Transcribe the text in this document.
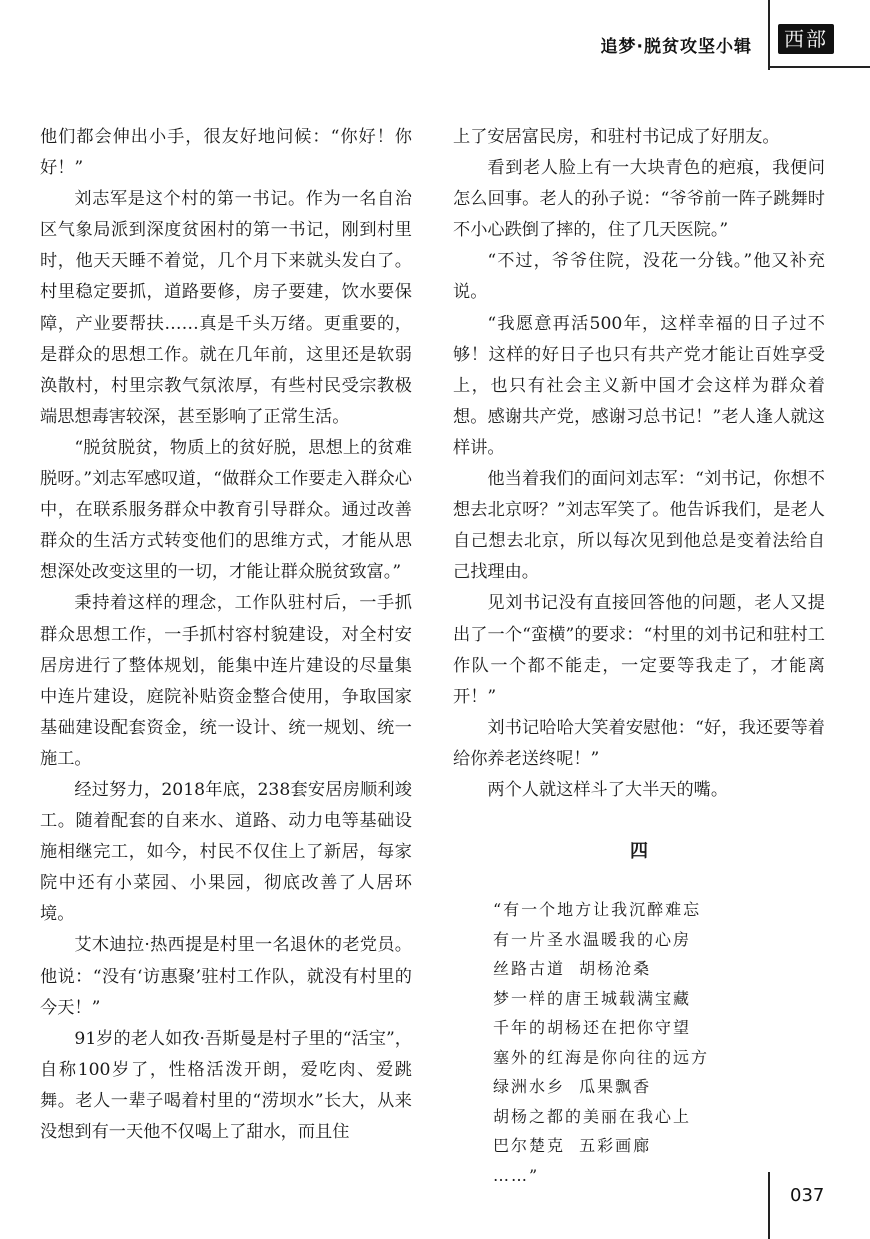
追梦·脱贫攻坚小辑	西部

他们都会伸出小手，很友好地问候：“你好！你好！”

刘志军是这个村的第一书记。作为一名自治区气象局派到深度贫困村的第一书记，刚到村里时，他天天睡不着觉，几个月下来就头发白了。村里稳定要抓，道路要修，房子要建，饮水要保障，产业要帮扶……真是千头万绪。更重要的，是群众的思想工作。就在几年前，这里还是软弱涣散村，村里宗教气氛浓厚，有些村民受宗教极端思想毒害较深，甚至影响了正常生活。

“脱贫脱贫，物质上的贫好脱，思想上的贫难脱呀。”刘志军感叹道，“做群众工作要走入群众心中，在联系服务群众中教育引导群众。通过改善群众的生活方式转变他们的思维方式，才能从思想深处改变这里的一切，才能让群众脱贫致富。”

秉持着这样的理念，工作队驻村后，一手抓群众思想工作，一手抓村容村貌建设，对全村安居房进行了整体规划，能集中连片建设的尽量集中连片建设，庭院补贴资金整合使用，争取国家基础建设配套资金，统一设计、统一规划、统一施工。

经过努力，2018年底，238套安居房顺利竣工。随着配套的自来水、道路、动力电等基础设施相继完工，如今，村民不仅住上了新居，每家院中还有小菜园、小果园，彻底改善了人居环境。

艾木迪拉·热西提是村里一名退休的老党员。他说：“没有‘访惠聚’驻村工作队，就没有村里的今天！”

91岁的老人如孜·吾斯曼是村子里的“活宝”，自称100岁了，性格活泼开朗，爱吃肉、爱跳舞。老人一辈子喝着村里的“涝坝水”长大，从来没想到有一天他不仅喝上了甜水，而且住

上了安居富民房，和驻村书记成了好朋友。

看到老人脸上有一大块青色的疤痕，我便问怎么回事。老人的孙子说：“爷爷前一阵子跳舞时不小心跌倒了摔的，住了几天医院。”

“不过，爷爷住院，没花一分钱。”他又补充说。

“我愿意再活500年，这样幸福的日子过不够！这样的好日子也只有共产党才能让百姓享受上，也只有社会主义新中国才会这样为群众着想。感谢共产党，感谢习总书记！”老人逢人就这样讲。

他当着我们的面问刘志军：“刘书记，你想不想去北京呀？”刘志军笑了。他告诉我们，是老人自己想去北京，所以每次见到他总是变着法给自己找理由。

见刘书记没有直接回答他的问题，老人又提出了一个“蛮横”的要求：“村里的刘书记和驻村工作队一个都不能走，一定要等我走了，才能离开！”

刘书记哈哈大笑着安慰他：“好，我还要等着给你养老送终呢！”

两个人就这样斗了大半天的嘴。

四
“有一个地方让我沉醉难忘
有一片圣水温暖我的心房
丝路古道  胡杨沧桑
梦一样的唐王城载满宝藏
千年的胡杨还在把你守望
塞外的红海是你向往的远方
绿洲水乡  瓜果飘香
胡杨之都的美丽在我心上
巴尔楚克  五彩画廊
……”
037
